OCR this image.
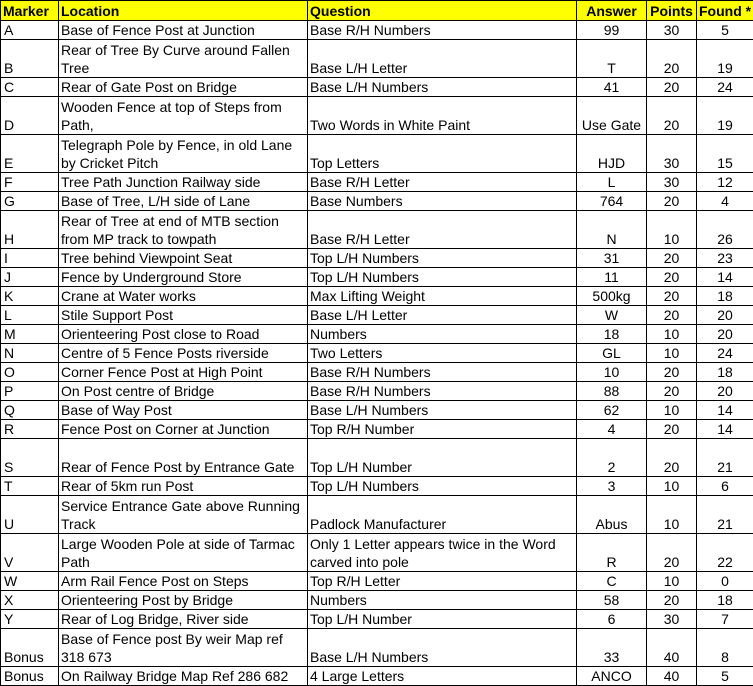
Marker	Location	Question	Answer	Points	Found *
A	Base of Fence Post at Junction	Base R/H Numbers	99	30	5
B	Rear of Tree By Curve around Fallen Tree	Base L/H Letter	T	20	19
C	Rear of Gate Post on Bridge	Base L/H Numbers	41	20	24
D	Wooden Fence at top of Steps from Path,	Two Words in White Paint	Use Gate	20	19
E	Telegraph Pole by Fence, in old Lane by Cricket Pitch	Top Letters	HJD	30	15
F	Tree Path Junction Railway side	Base R/H Letter	L	30	12
G	Base of Tree, L/H side of Lane	Base Numbers	764	20	4
H	Rear of Tree at end of MTB section from MP track to towpath	Base R/H Letter	N	10	26
I	Tree behind Viewpoint Seat	Top L/H Numbers	31	20	23
J	Fence by Underground Store	Top L/H Numbers	11	20	14
K	Crane at Water works	Max Lifting Weight	500kg	20	18
L	Stile Support Post	Base L/H Letter	W	20	20
M	Orienteering Post close to Road	Numbers	18	10	20
N	Centre of 5 Fence Posts riverside	Two Letters	GL	10	24
O	Corner Fence Post at High Point	Base R/H Numbers	10	20	18
P	On Post centre of Bridge	Base R/H Numbers	88	20	20
Q	Base of Way Post	Base L/H Numbers	62	10	14
R	Fence Post on Corner at Junction	Top R/H Number	4	20	14
S	Rear of Fence Post by Entrance Gate	Top L/H Number	2	20	21
T	Rear of 5km run Post	Top L/H Numbers	3	10	6
U	Service Entrance Gate above Running Track	Padlock Manufacturer	Abus	10	21
V	Large Wooden Pole at side of Tarmac Path	Only 1 Letter appears twice in the Word carved into pole	R	20	22
W	Arm Rail Fence Post on Steps	Top R/H Letter	C	10	0
X	Orienteering Post by Bridge	Numbers	58	20	18
Y	Rear of Log Bridge, River side	Top L/H Number	6	30	7
Bonus	Base of Fence post By weir Map ref 318 673	Base L/H Numbers	33	40	8
Bonus	On Railway Bridge Map Ref 286 682	4 Large Letters	ANCO	40	5
